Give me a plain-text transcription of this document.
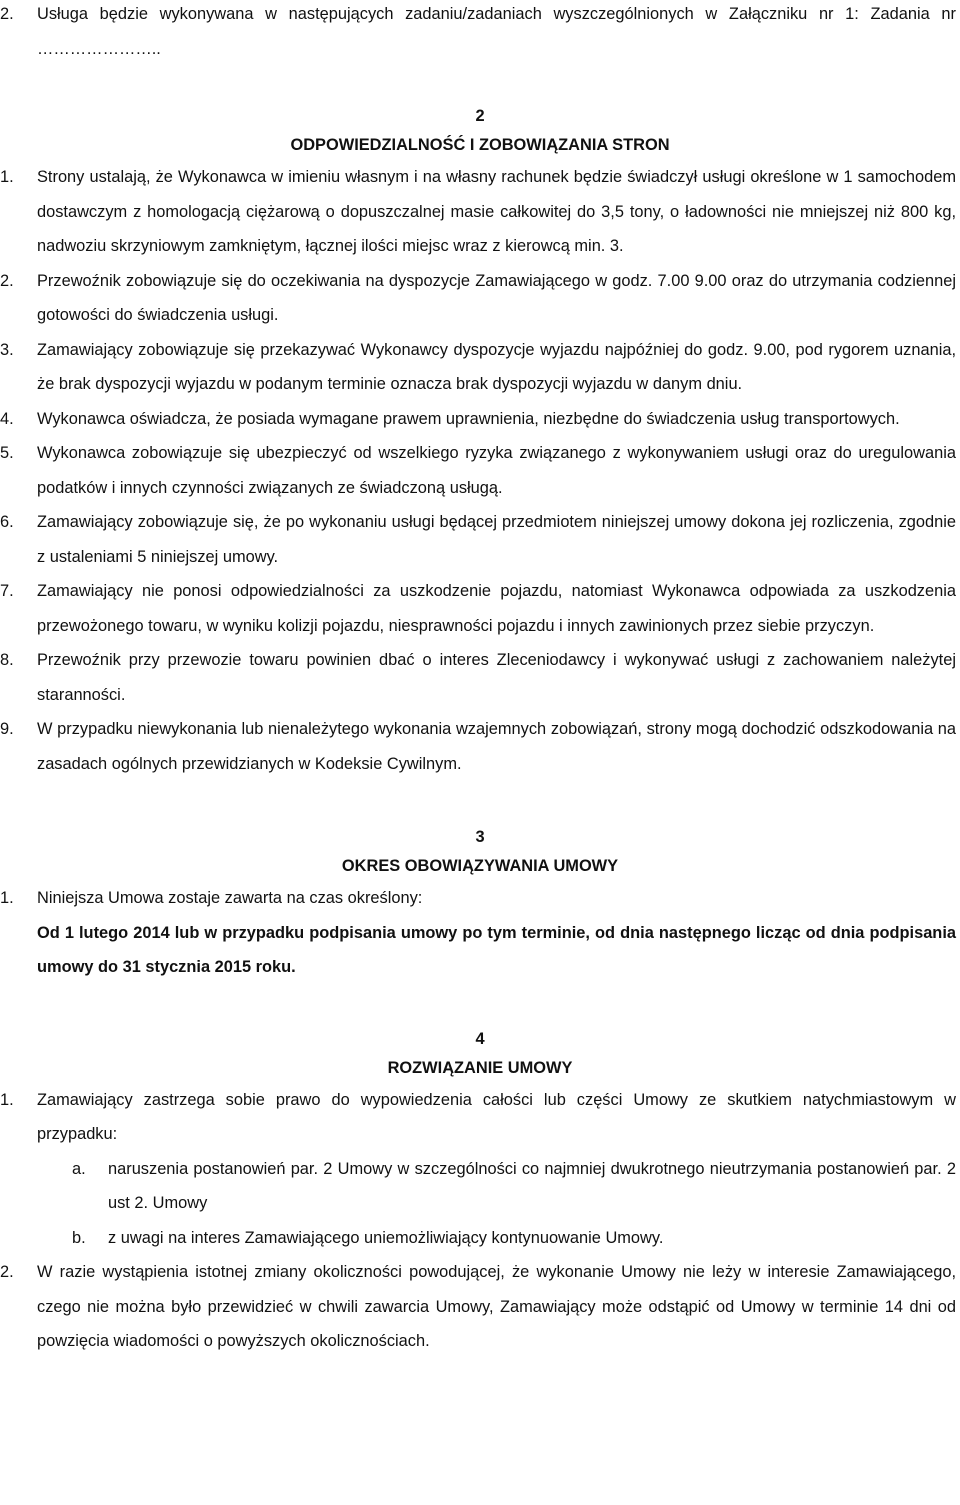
2. Usługa będzie wykonywana w następujących zadaniu/zadaniach wyszczególnionych w Załączniku nr 1: Zadania nr …………………..
2
ODPOWIEDZIALNOŚĆ I ZOBOWIĄZANIA STRON
1. Strony ustalają, że Wykonawca w imieniu własnym i na własny rachunek będzie świadczył usługi określone w 1 samochodem dostawczym z homologacją ciężarową o dopuszczalnej masie całkowitej do 3,5 tony, o ładowności nie mniejszej niż 800 kg, nadwoziu skrzyniowym zamkniętym, łącznej ilości miejsc wraz z kierowcą min. 3.
2. Przewoźnik zobowiązuje się do oczekiwania na dyspozycje Zamawiającego w godz. 7.00 9.00 oraz do utrzymania codziennej gotowości do świadczenia usługi.
3. Zamawiający zobowiązuje się przekazywać Wykonawcy dyspozycje wyjazdu najpóźniej do godz. 9.00, pod rygorem uznania, że brak dyspozycji wyjazdu w podanym terminie oznacza brak dyspozycji wyjazdu w danym dniu.
4. Wykonawca oświadcza, że posiada wymagane prawem uprawnienia, niezbędne do świadczenia usług transportowych.
5. Wykonawca zobowiązuje się ubezpieczyć od wszelkiego ryzyka związanego z wykonywaniem usługi oraz do uregulowania podatków i innych czynności związanych ze świadczoną usługą.
6. Zamawiający zobowiązuje się, że po wykonaniu usługi będącej przedmiotem niniejszej umowy dokona jej rozliczenia, zgodnie z ustaleniami 5 niniejszej umowy.
7. Zamawiający nie ponosi odpowiedzialności za uszkodzenie pojazdu, natomiast Wykonawca odpowiada za uszkodzenia przewożonego towaru, w wyniku kolizji pojazdu, niesprawności pojazdu i innych zawinionych przez siebie przyczyn.
8. Przewoźnik przy przewozie towaru powinien dbać o interes Zleceniodawcy i wykonywać usługi z zachowaniem należytej staranności.
9. W przypadku niewykonania lub nienależytego wykonania wzajemnych zobowiązań, strony mogą dochodzić odszkodowania na zasadach ogólnych przewidzianych w Kodeksie Cywilnym.
3
OKRES OBOWIĄZYWANIA UMOWY
1. Niniejsza Umowa zostaje zawarta na czas określony:
Od 1 lutego 2014 lub w przypadku podpisania umowy po tym terminie, od dnia następnego licząc od dnia podpisania umowy do 31 stycznia 2015 roku.
4
ROZWIĄZANIE UMOWY
1. Zamawiający zastrzega sobie prawo do wypowiedzenia całości lub części Umowy ze skutkiem natychmiastowym w przypadku:
a. naruszenia postanowień par. 2 Umowy w szczególności co najmniej dwukrotnego nieutrzymania postanowień par. 2 ust 2. Umowy
b. z uwagi na interes Zamawiającego uniemożliwiający kontynuowanie Umowy.
2. W razie wystąpienia istotnej zmiany okoliczności powodującej, że wykonanie Umowy nie leży w interesie Zamawiającego, czego nie można było przewidzieć w chwili zawarcia Umowy, Zamawiający może odstąpić od Umowy w terminie 14 dni od powzięcia wiadomości o powyższych okolicznościach.
